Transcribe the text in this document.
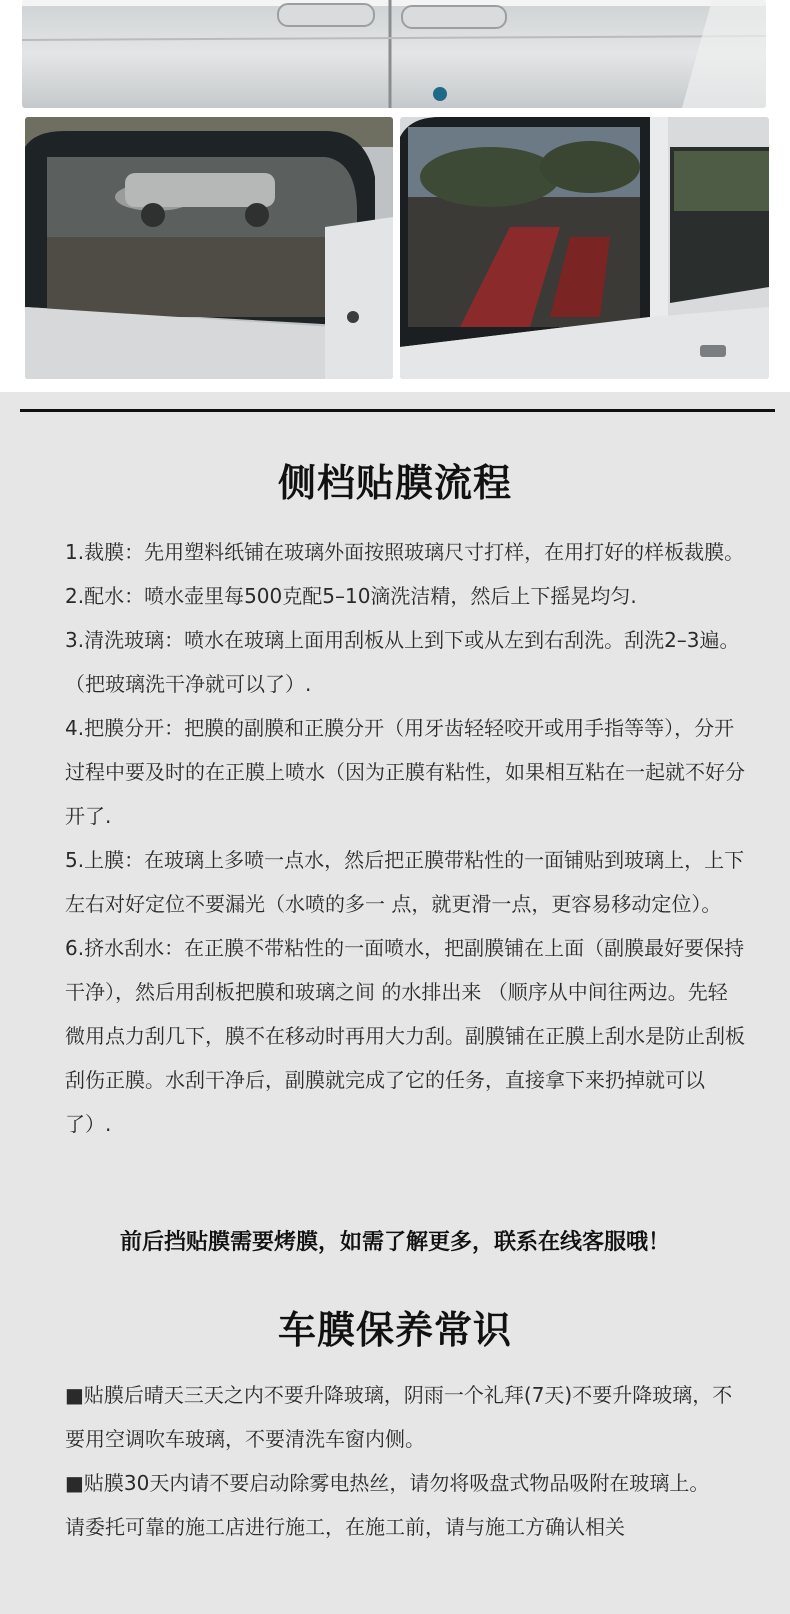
侧档贴膜流程

1.裁膜：先用塑料纸铺在玻璃外面按照玻璃尺寸打样，在用打好的样板裁膜。

2.配水：喷水壶里每500克配5–10滴洗洁精，然后上下摇晃均匀.

3.清洗玻璃：喷水在玻璃上面用刮板从上到下或从左到右刮洗。刮洗2–3遍。（把玻璃洗干净就可以了）.

4.把膜分开：把膜的副膜和正膜分开（用牙齿轻轻咬开或用手指等等），分开过程中要及时的在正膜上喷水（因为正膜有粘性，如果相互粘在一起就不好分开了.

5.上膜：在玻璃上多喷一点水，然后把正膜带粘性的一面铺贴到玻璃上，上下左右对好定位不要漏光（水喷的多一 点，就更滑一点，更容易移动定位）。

6.挤水刮水：在正膜不带粘性的一面喷水，把副膜铺在上面（副膜最好要保持干净），然后用刮板把膜和玻璃之间 的水排出来 （顺序从中间往两边。先轻微用点力刮几下，膜不在移动时再用大力刮。副膜铺在正膜上刮水是防止刮板刮伤正膜。水刮干净后，副膜就完成了它的任务，直接拿下来扔掉就可以了）.

前后挡贴膜需要烤膜，如需了解更多，联系在线客服哦！
车膜保养常识

■贴膜后晴天三天之内不要升降玻璃，阴雨一个礼拜(7天)不要升降玻璃，不要用空调吹车玻璃，不要清洗车窗内侧。

■贴膜30天内请不要启动除雾电热丝，请勿将吸盘式物品吸附在玻璃上。

请委托可靠的施工店进行施工，在施工前，请与施工方确认相关
